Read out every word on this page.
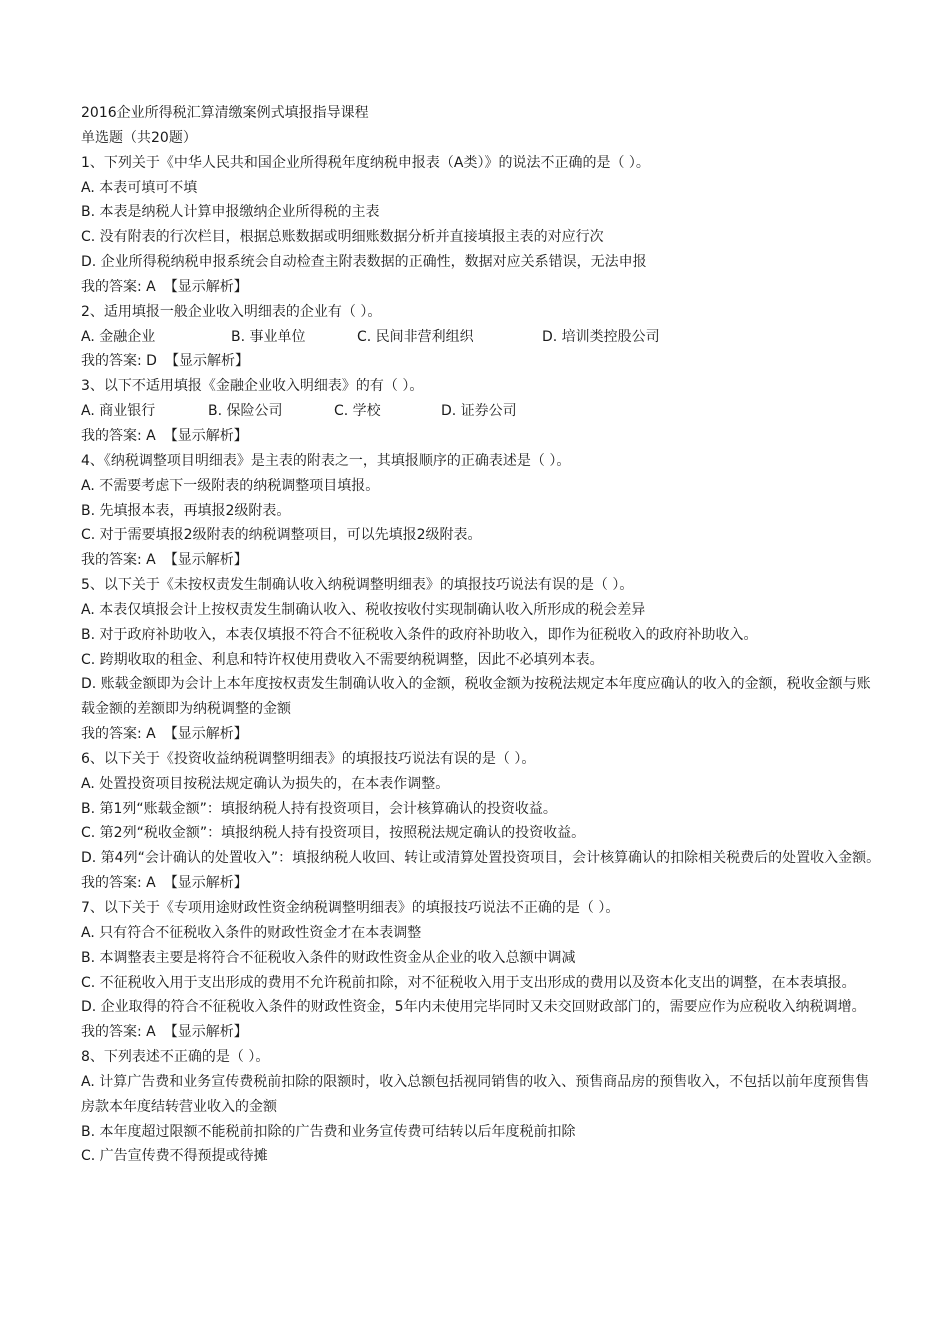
2016企业所得税汇算清缴案例式填报指导课程
单选题（共20题）
1、下列关于《中华人民共和国企业所得税年度纳税申报表（A类）》的说法不正确的是（ ）。
A. 本表可填可不填
B. 本表是纳税人计算申报缴纳企业所得税的主表
C. 没有附表的行次栏目，根据总账数据或明细账数据分析并直接填报主表的对应行次
D. 企业所得税纳税申报系统会自动检查主附表数据的正确性，数据对应关系错误，无法申报
我的答案: A 【显示解析】
2、适用填报一般企业收入明细表的企业有（ ）。
A. 金融企业	B. 事业单位	C. 民间非营利组织	D. 培训类控股公司
我的答案: D 【显示解析】
3、以下不适用填报《金融企业收入明细表》的有（ ）。
A. 商业银行	B. 保险公司	C. 学校	D. 证券公司
我的答案: A 【显示解析】
4、《纳税调整项目明细表》是主表的附表之一，其填报顺序的正确表述是（ ）。
A. 不需要考虑下一级附表的纳税调整项目填报。
B. 先填报本表，再填报2级附表。
C. 对于需要填报2级附表的纳税调整项目，可以先填报2级附表。
我的答案: A 【显示解析】
5、以下关于《未按权责发生制确认收入纳税调整明细表》的填报技巧说法有误的是（ ）。
A. 本表仅填报会计上按权责发生制确认收入、税收按收付实现制确认收入所形成的税会差异
B. 对于政府补助收入，本表仅填报不符合不征税收入条件的政府补助收入，即作为征税收入的政府补助收入。
C. 跨期收取的租金、利息和特许权使用费收入不需要纳税调整，因此不必填列本表。
D. 账载金额即为会计上本年度按权责发生制确认收入的金额，税收金额为按税法规定本年度应确认的收入的金额，税收金额与账载金额的差额即为纳税调整的金额
我的答案: A 【显示解析】
6、以下关于《投资收益纳税调整明细表》的填报技巧说法有误的是（ ）。
A. 处置投资项目按税法规定确认为损失的，在本表作调整。
B. 第1列“账载金额”：填报纳税人持有投资项目，会计核算确认的投资收益。
C. 第2列“税收金额”：填报纳税人持有投资项目，按照税法规定确认的投资收益。
D. 第4列“会计确认的处置收入”：填报纳税人收回、转让或清算处置投资项目，会计核算确认的扣除相关税费后的处置收入金额。
我的答案: A 【显示解析】
7、以下关于《专项用途财政性资金纳税调整明细表》的填报技巧说法不正确的是（ ）。
A. 只有符合不征税收入条件的财政性资金才在本表调整
B. 本调整表主要是将符合不征税收入条件的财政性资金从企业的收入总额中调减
C. 不征税收入用于支出形成的费用不允许税前扣除，对不征税收入用于支出形成的费用以及资本化支出的调整，在本表填报。
D. 企业取得的符合不征税收入条件的财政性资金，5年内未使用完毕同时又未交回财政部门的，需要应作为应税收入纳税调增。
我的答案: A 【显示解析】
8、下列表述不正确的是（ ）。
A. 计算广告费和业务宣传费税前扣除的限额时，收入总额包括视同销售的收入、预售商品房的预售收入，不包括以前年度预售售房款本年度结转营业收入的金额
B. 本年度超过限额不能税前扣除的广告费和业务宣传费可结转以后年度税前扣除
C. 广告宣传费不得预提或待摊
